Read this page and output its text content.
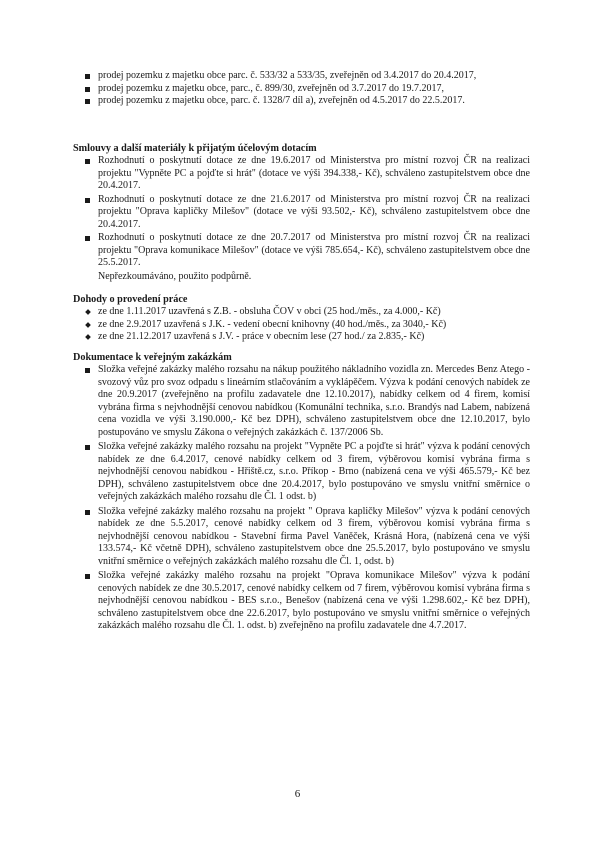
prodej pozemku z majetku obce parc. č. 533/32 a 533/35, zveřejněn od 3.4.2017 do 20.4.2017,
prodej pozemku z majetku obce, parc., č. 899/30, zveřejněn od 3.7.2017 do 19.7.2017,
prodej pozemku z majetku obce, parc. č. 1328/7 díl a), zveřejněn od 4.5.2017 do 22.5.2017.
Smlouvy a další materiály k přijatým účelovým dotacím
Rozhodnutí o poskytnutí dotace ze dne 19.6.2017 od Ministerstva pro místní rozvoj ČR na realizaci projektu "Vypněte PC a pojďte si hrát" (dotace ve výši 394.338,- Kč), schváleno zastupitelstvem obce dne 20.4.2017.
Rozhodnutí o poskytnutí dotace ze dne 21.6.2017 od Ministerstva pro místní rozvoj ČR na realizaci projektu "Oprava kapličky Milešov" (dotace ve výši 93.502,- Kč), schváleno zastupitelstvem obce dne 20.4.2017.
Rozhodnutí o poskytnutí dotace ze dne 20.7.2017 od Ministerstva pro místní rozvoj ČR na realizaci projektu "Oprava komunikace Milešov" (dotace ve výši 785.654,- Kč), schváleno zastupitelstvem obce dne 25.5.2017.
Nepřezkoumáváno, použito podpůrně.
Dohody o provedení práce
ze dne 1.11.2017 uzavřená s Z.B. - obsluha ČOV v obci (25 hod./měs., za 4.000,- Kč)
ze dne 2.9.2017 uzavřená s J.K. - vedení obecní knihovny (40 hod./měs., za 3040,- Kč)
ze dne 21.12.2017 uzavřená s J.V. - práce v obecním lese (27 hod./ za 2.835,- Kč)
Dokumentace k veřejným zakázkám
Složka veřejné zakázky malého rozsahu na nákup použitého nákladního vozidla zn. Mercedes Benz Atego - svozový vůz pro svoz odpadu s lineárním stlačováním a vyklápěčem. Výzva k podání cenových nabídek ze dne 20.9.2017 (zveřejněno na profilu zadavatele dne 12.10.2017), nabídky celkem od 4 firem, komisí vybrána firma s nejvhodnější cenovou nabídkou (Komunální technika, s.r.o. Brandýs nad Labem, nabízená cena vozidla ve výši 3.190.000,- Kč bez DPH), schváleno zastupitelstvem obce dne 12.10.2017, bylo postupováno ve smyslu Zákona o veřejných zakázkách č. 137/2006 Sb.
Složka veřejné zakázky malého rozsahu na projekt "Vypněte PC a pojďte si hrát" výzva k podání cenových nabídek ze dne 6.4.2017, cenové nabídky celkem od 3 firem, výběrovou komisí vybrána firma s nejvhodnější cenovou nabídkou - Hřiště.cz, s.r.o. Příkop - Brno (nabízená cena ve výši 465.579,- Kč bez DPH), schváleno zastupitelstvem obce dne 20.4.2017, bylo postupováno ve smyslu vnitřní směrnice o veřejných zakázkách malého rozsahu dle Čl. 1 odst. b)
Složka veřejné zakázky malého rozsahu na projekt " Oprava kapličky Milešov" výzva k podání cenových nabídek ze dne 5.5.2017, cenové nabídky celkem od 3 firem, výběrovou komisí vybrána firma s nejvhodnější cenovou nabídkou - Stavební firma Pavel Vaněček, Krásná Hora, (nabízená cena ve výši 133.574,- Kč včetně DPH), schváleno zastupitelstvem obce dne 25.5.2017, bylo postupováno ve smyslu vnitřní směrnice o veřejných zakázkách malého rozsahu dle Čl. 1, odst. b)
Složka veřejné zakázky malého rozsahu na projekt "Oprava komunikace Milešov" výzva k podání cenových nabídek ze dne 30.5.2017, cenové nabídky celkem od 7 firem, výběrovou komisí vybrána firma s nejvhodnější cenovou nabídkou - BES s.r.o., Benešov (nabízená cena ve výši 1.298.602,- Kč bez DPH), schváleno zastupitelstvem obce dne 22.6.2017, bylo postupováno ve smyslu vnitřní směrnice o veřejných zakázkách malého rozsahu dle Čl. 1. odst. b) zveřejněno na profilu zadavatele dne 4.7.2017.
6
